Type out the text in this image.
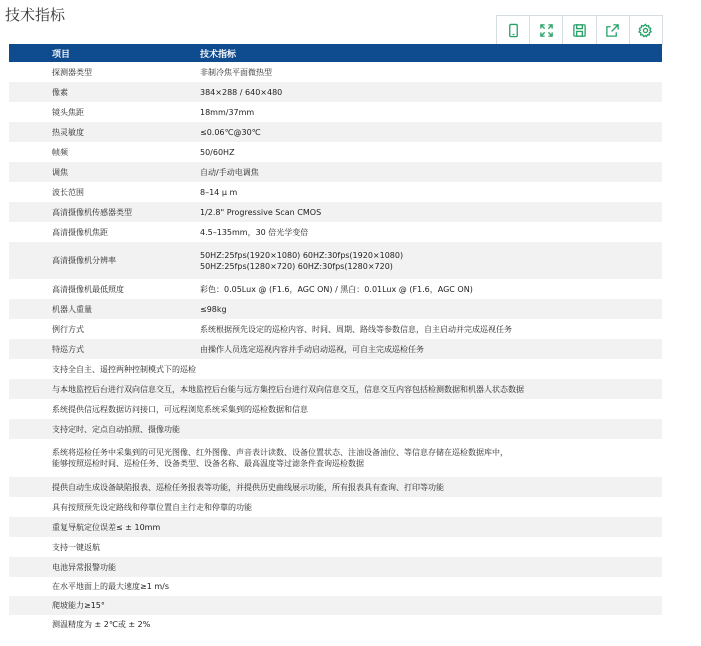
技术指标
项目	技术指标
探测器类型	非制冷焦平面微热型
像素	384×288 / 640×480
镜头焦距	18mm/37mm
热灵敏度	≤0.06℃@30℃
帧频	50/60HZ
调焦	自动/手动电调焦
波长范围	8–14 μ m
高清摄像机传感器类型	1/2.8" Progressive Scan CMOS
高清摄像机焦距	4.5–135mm，30 倍光学变倍
高清摄像机分辨率	50HZ:25fps(1920×1080) 60HZ:30fps(1920×1080)
50HZ:25fps(1280×720) 60HZ:30fps(1280×720)

高清摄像机最低照度	彩色：0.05Lux @ (F1.6，AGC ON) / 黑白：0.01Lux @ (F1.6，AGC ON)
机器人重量	≤98kg
例行方式	系统根据预先设定的巡检内容、时间、周期、路线等参数信息，自主启动并完成巡视任务
特巡方式	由操作人员选定巡视内容并手动启动巡视，可自主完成巡检任务
支持全自主、遥控两种控制模式下的巡检	
与本地监控后台进行双向信息交互，本地监控后台能与远方集控后台进行双向信息交互，信息交互内容包括检测数据和机器人状态数据	
系统提供信远程数据访问接口，可远程浏览系统采集到的巡检数据和信息	
支持定时、定点自动拍照、摄像功能	

系统将巡检任务中采集到的可见光图像、红外图像、声音表计读数、设备位置状态、注油设备油位、等信息存储在巡检数据库中，
能够按照巡检时间、巡检任务、设备类型、设备名称、最高温度等过滤条件查询巡检数据	

提供自动生成设备缺陷报表、巡检任务报表等功能，并提供历史曲线展示功能，所有报表具有查询、打印等功能	
具有按照预先设定路线和停靠位置自主行走和停靠的功能	
重复导航定位误差≤ ± 10mm	
支持一键返航	
电池异常报警功能	
在水平地面上的最大速度≥1 m/s	
爬坡能力≥15°	
测温精度为 ± 2℃或 ± 2%	
